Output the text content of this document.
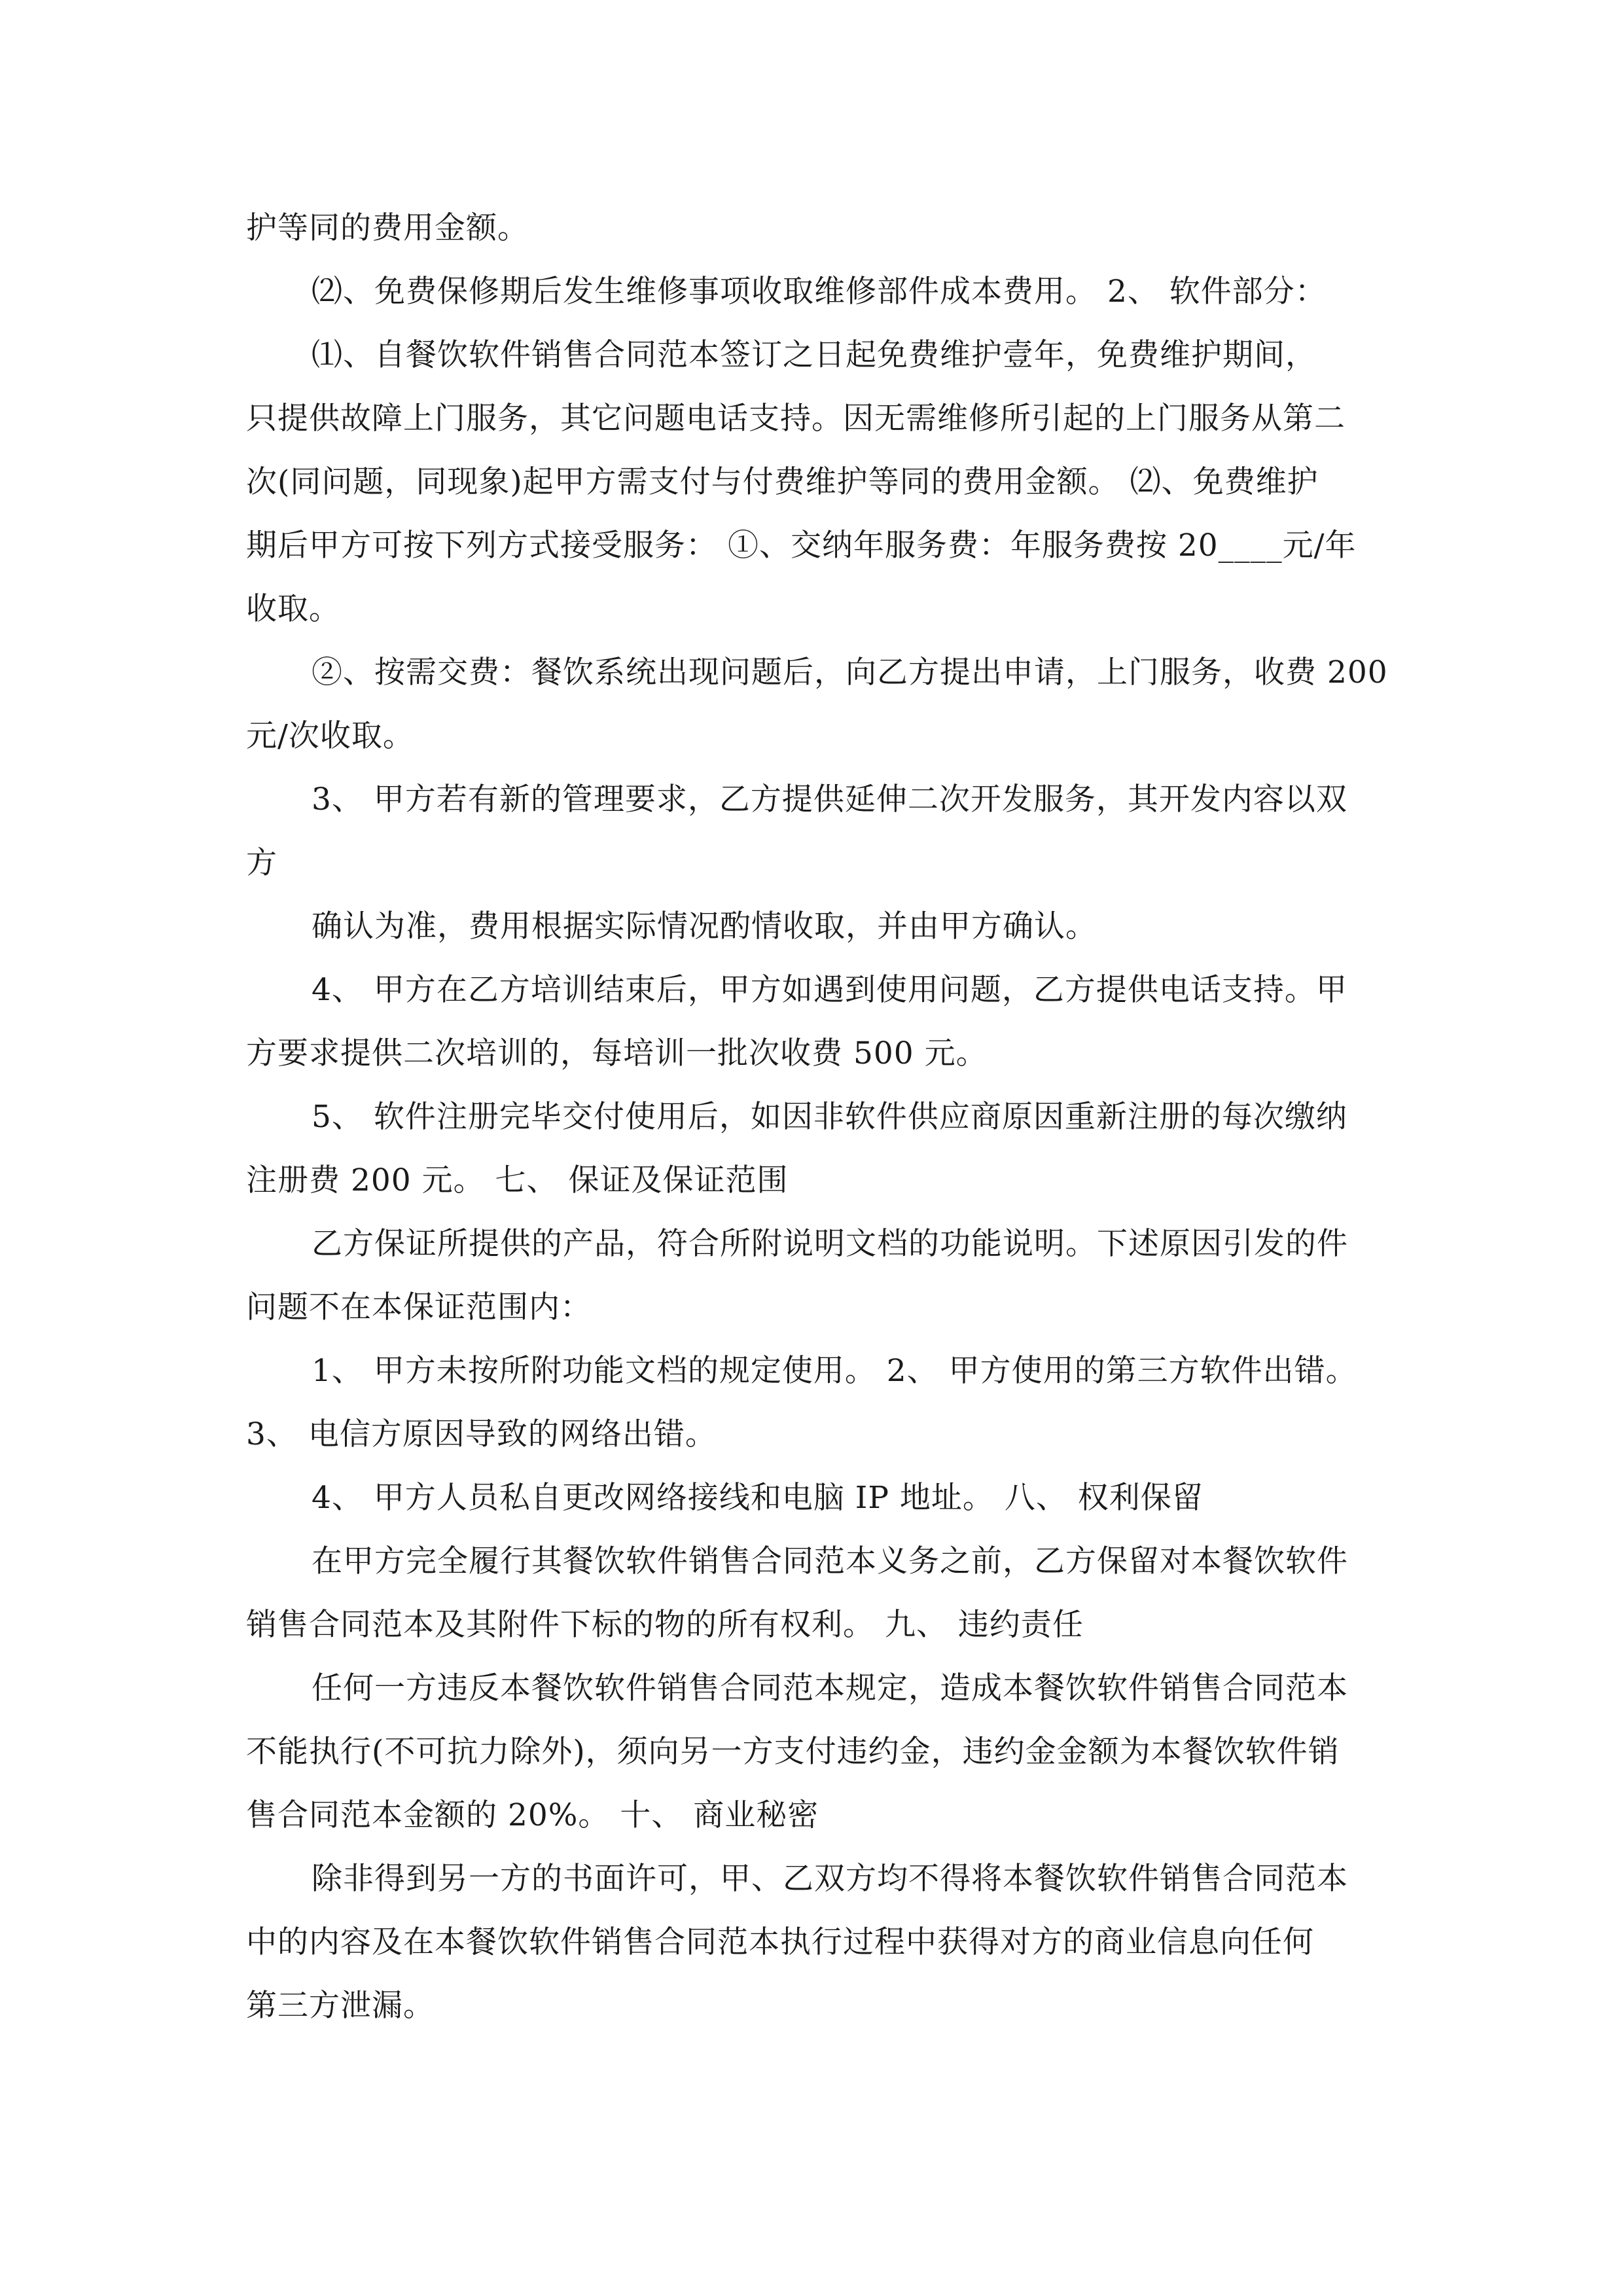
护等同的费用金额。
⑵、免费保修期后发生维修事项收取维修部件成本费用。 2、 软件部分：
⑴、自餐饮软件销售合同范本签订之日起免费维护壹年，免费维护期间，
只提供故障上门服务，其它问题电话支持。因无需维修所引起的上门服务从第二
次(同问题，同现象)起甲方需支付与付费维护等同的费用金额。 ⑵、免费维护
期后甲方可按下列方式接受服务： ①、交纳年服务费：年服务费按 20____元/年
收取。
②、按需交费：餐饮系统出现问题后，向乙方提出申请，上门服务，收费 200
元/次收取。
3、 甲方若有新的管理要求，乙方提供延伸二次开发服务，其开发内容以双
方
确认为准，费用根据实际情况酌情收取，并由甲方确认。
4、 甲方在乙方培训结束后，甲方如遇到使用问题，乙方提供电话支持。甲
方要求提供二次培训的，每培训一批次收费 500 元。
5、 软件注册完毕交付使用后，如因非软件供应商原因重新注册的每次缴纳
注册费 200 元。 七、 保证及保证范围
乙方保证所提供的产品，符合所附说明文档的功能说明。下述原因引发的件
问题不在本保证范围内：
1、 甲方未按所附功能文档的规定使用。 2、 甲方使用的第三方软件出错。
3、 电信方原因导致的网络出错。
4、 甲方人员私自更改网络接线和电脑 IP 地址。 八、 权利保留
在甲方完全履行其餐饮软件销售合同范本义务之前，乙方保留对本餐饮软件
销售合同范本及其附件下标的物的所有权利。 九、 违约责任
任何一方违反本餐饮软件销售合同范本规定，造成本餐饮软件销售合同范本
不能执行(不可抗力除外)，须向另一方支付违约金，违约金金额为本餐饮软件销
售合同范本金额的 20%。 十、 商业秘密
除非得到另一方的书面许可，甲、乙双方均不得将本餐饮软件销售合同范本
中的内容及在本餐饮软件销售合同范本执行过程中获得对方的商业信息向任何
第三方泄漏。
